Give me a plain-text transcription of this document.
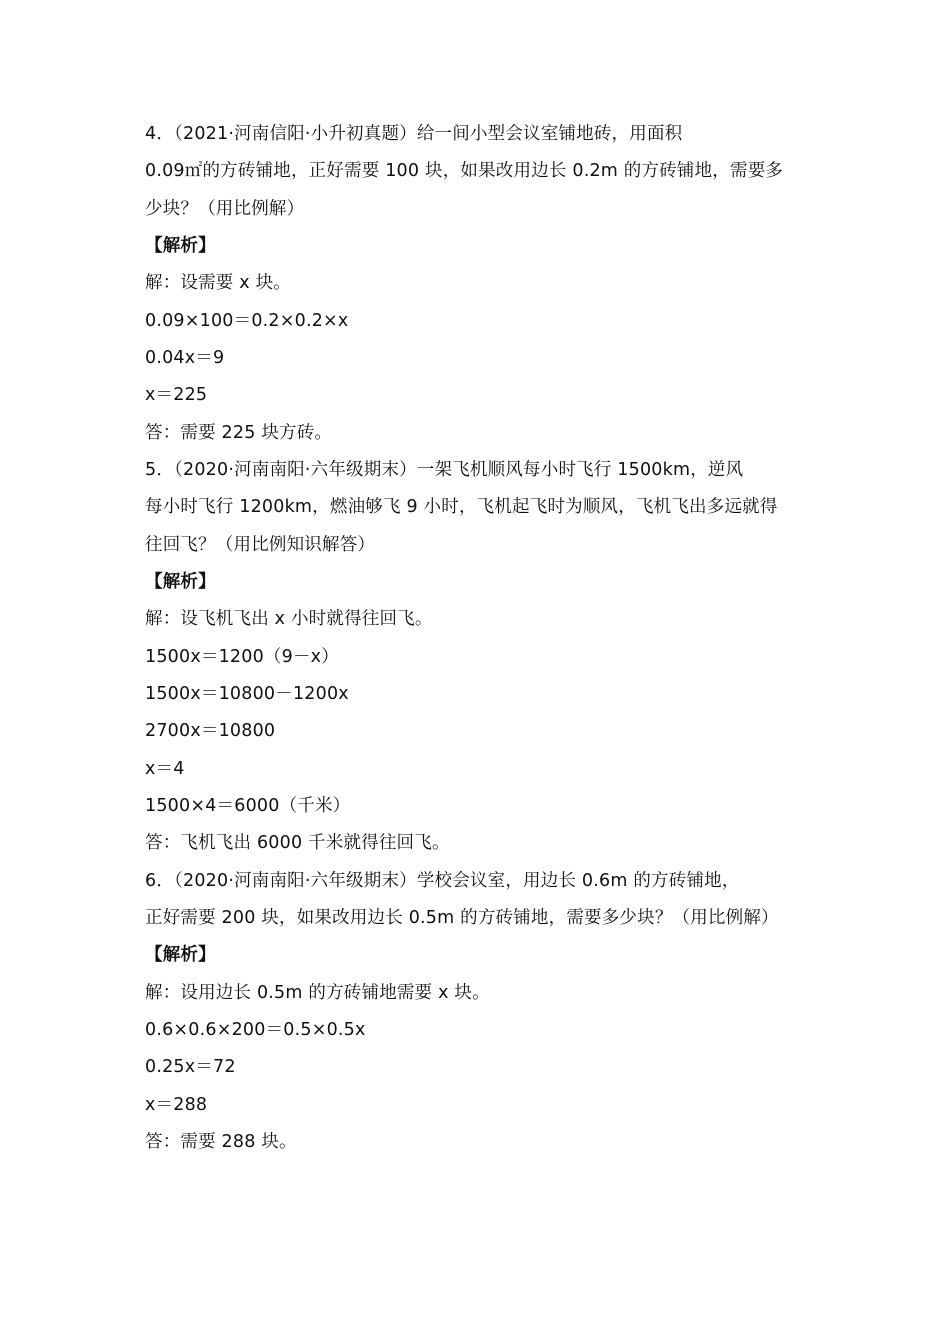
4．（2021·河南信阳·小升初真题）给一间小型会议室铺地砖，用面积
0.09㎡的方砖铺地，正好需要 100 块，如果改用边长 0.2m 的方砖铺地，需要多
少块？（用比例解）
【解析】
解：设需要 x 块。
0.09×100＝0.2×0.2×x
0.04x＝9
x＝225
答：需要 225 块方砖。
5．（2020·河南南阳·六年级期末）一架飞机顺风每小时飞行 1500km，逆风
每小时飞行 1200km，燃油够飞 9 小时，飞机起飞时为顺风，飞机飞出多远就得
往回飞？（用比例知识解答）
【解析】
解：设飞机飞出 x 小时就得往回飞。
1500x＝1200（9－x）
1500x＝10800－1200x
2700x＝10800
x＝4
1500×4＝6000（千米）
答：飞机飞出 6000 千米就得往回飞。
6．（2020·河南南阳·六年级期末）学校会议室，用边长 0.6m 的方砖铺地，
正好需要 200 块，如果改用边长 0.5m 的方砖铺地，需要多少块？（用比例解）
【解析】
解：设用边长 0.5m 的方砖铺地需要 x 块。
0.6×0.6×200＝0.5×0.5x
0.25x＝72
x＝288
答：需要 288 块。
